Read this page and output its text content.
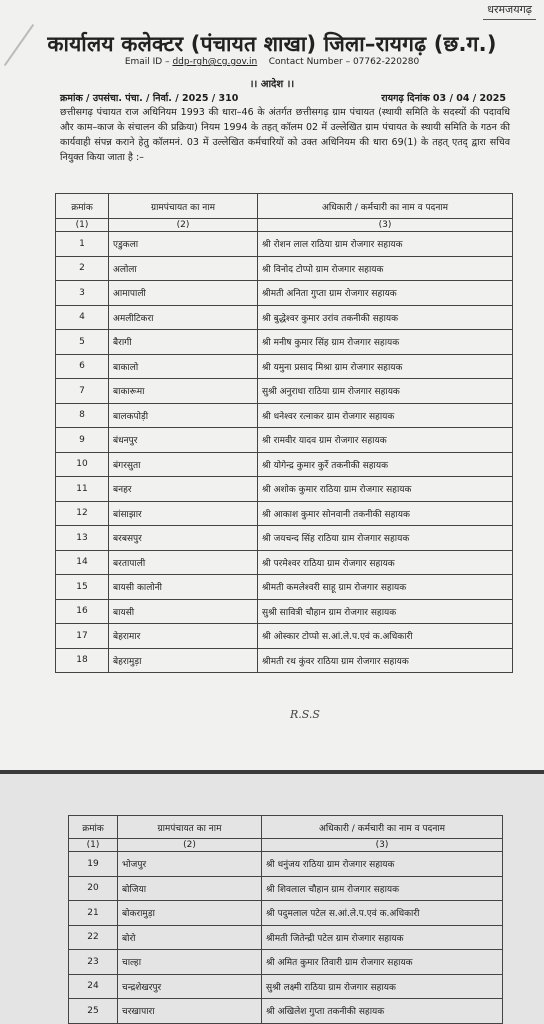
धरमजयगढ़
कार्यालय कलेक्टर (पंचायत शाखा) जिला–रायगढ़ (छ.ग.)
Email ID – ddp-rgh@cg.gov.in Contact Number – 07762-220280
।। आदेश ।।
क्रमांक / उपसंचा. पंचा. / निर्वा. / 2025 / 310	रायगढ़ दिनांक 03 / 04 / 2025
छत्तीसगढ़ पंचायत राज अधिनियम 1993 की धारा–46 के अंतर्गत छत्तीसगढ़ ग्राम पंचायत (स्थायी समिति के सदस्यों की पदावधि और काम–काज के संचालन की प्रक्रिया) नियम 1994 के तहत् कॉलम 02 में उल्लेखित ग्राम पंचायत के स्थायी समिति के गठन की कार्यवाही संपन्न कराने हेतु कॉलमनं. 03 में उल्लेखित कर्मचारियों को उक्त अधिनियम की धारा 69(1) के तहत् एतद् द्वारा सचिव नियुक्त किया जाता है :–
क्रमांक	ग्रामपंचायत का नाम	अधिकारी / कर्मचारी का नाम व पदनाम
(1)	(2)	(3)
1	एडुकला	श्री रोशन लाल राठिया ग्राम रोजगार सहायक
2	अलोला	श्री विनोद टोप्पो ग्राम रोजगार सहायक
3	आमापाली	श्रीमती अनिता गुप्ता ग्राम रोजगार सहायक
4	अमलीटिकरा	श्री बुद्धेश्वर कुमार उरांव तकनीकी सहायक
5	बैरागी	श्री मनीष कुमार सिंह ग्राम रोजगार सहायक
6	बाकालो	श्री यमुना प्रसाद मिश्रा ग्राम रोजगार सहायक
7	बाकारूमा	सुश्री अनुराधा राठिया ग्राम रोजगार सहायक
8	बालकपोड़ी	श्री धनेश्वर रत्नाकर ग्राम रोजगार सहायक
9	बंधनपुर	श्री रामवीर यादव ग्राम रोजगार सहायक
10	बंगरसुता	श्री योगेन्द्र कुमार कुर्रे तकनीकी सहायक
11	बनहर	श्री अशोक कुमार राठिया ग्राम रोजगार सहायक
12	बांसाझार	श्री आकाश कुमार सोनवानी तकनीकी सहायक
13	बरबसपुर	श्री जयचन्द सिंह राठिया ग्राम रोजगार सहायक
14	बरतापाली	श्री परमेश्वर राठिया ग्राम रोजगार सहायक
15	बायसी कालोनी	श्रीमती कमलेश्वरी साहू ग्राम रोजगार सहायक
16	बायसी	सुश्री सावित्री चौहान ग्राम रोजगार सहायक
17	बेहरामार	श्री ओस्कार टोप्पो स.आं.ले.प.एवं क.अधिकारी
18	बेहरामुड़ा	श्रीमती रथ कुंवर राठिया ग्राम रोजगार सहायक
R.S.S
क्रमांक	ग्रामपंचायत का नाम	अधिकारी / कर्मचारी का नाम व पदनाम
(1)	(2)	(3)
19	भोजपुर	श्री धनुंजय राठिया ग्राम रोजगार सहायक
20	बोजिया	श्री शिवलाल चौहान ग्राम रोजगार सहायक
21	बोकरामुड़ा	श्री पदुमलाल पटेल स.आं.ले.प.एवं क.अधिकारी
22	बोरो	श्रीमती जितेन्द्री पटेल ग्राम रोजगार सहायक
23	चाल्हा	श्री अमित कुमार तिवारी ग्राम रोजगार सहायक
24	चन्द्रशेखरपुर	सुश्री लक्ष्मी राठिया ग्राम रोजगार सहायक
25	चरखापारा	श्री अखिलेश गुप्ता तकनीकी सहायक
